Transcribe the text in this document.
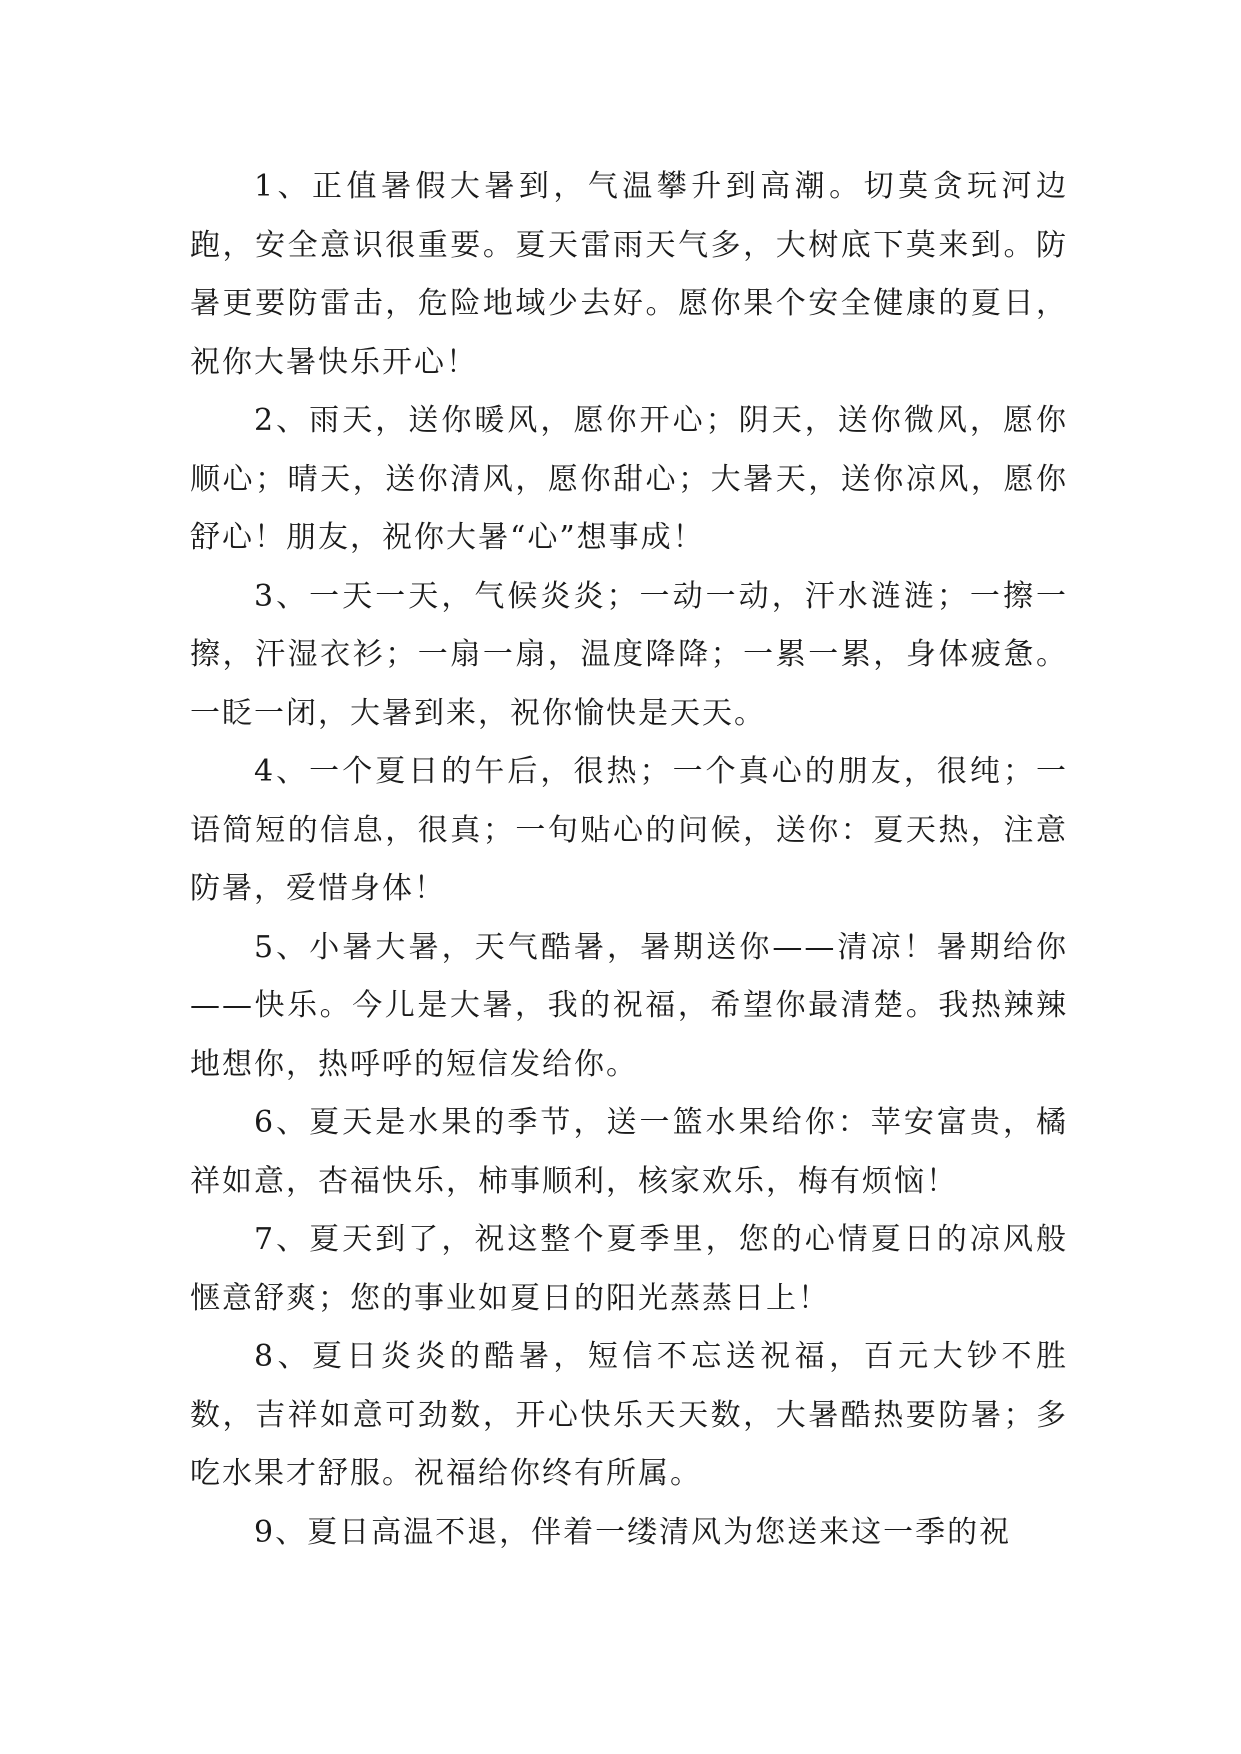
1、正值暑假大暑到，气温攀升到高潮。切莫贪玩河边跑，安全意识很重要。夏天雷雨天气多，大树底下莫来到。防暑更要防雷击，危险地域少去好。愿你果个安全健康的夏日，祝你大暑快乐开心！

2、雨天，送你暖风，愿你开心；阴天，送你微风，愿你顺心；晴天，送你清风，愿你甜心；大暑天，送你凉风，愿你舒心！朋友，祝你大暑“心”想事成！

3、一天一天，气候炎炎；一动一动，汗水涟涟；一擦一擦，汗湿衣衫；一扇一扇，温度降降；一累一累，身体疲惫。一眨一闭，大暑到来，祝你愉快是天天。

4、一个夏日的午后，很热；一个真心的朋友，很纯；一语简短的信息，很真；一句贴心的问候，送你：夏天热，注意防暑，爱惜身体！

5、小暑大暑，天气酷暑，暑期送你——清凉！暑期给你——快乐。今儿是大暑，我的祝福，希望你最清楚。我热辣辣地想你，热呼呼的短信发给你。

6、夏天是水果的季节，送一篮水果给你：苹安富贵，橘祥如意，杏福快乐，柿事顺利，核家欢乐，梅有烦恼！

7、夏天到了，祝这整个夏季里，您的心情夏日的凉风般惬意舒爽；您的事业如夏日的阳光蒸蒸日上！

8、夏日炎炎的酷暑，短信不忘送祝福，百元大钞不胜数，吉祥如意可劲数，开心快乐天天数，大暑酷热要防暑；多吃水果才舒服。祝福给你终有所属。

9、夏日高温不退，伴着一缕清风为您送来这一季的祝
